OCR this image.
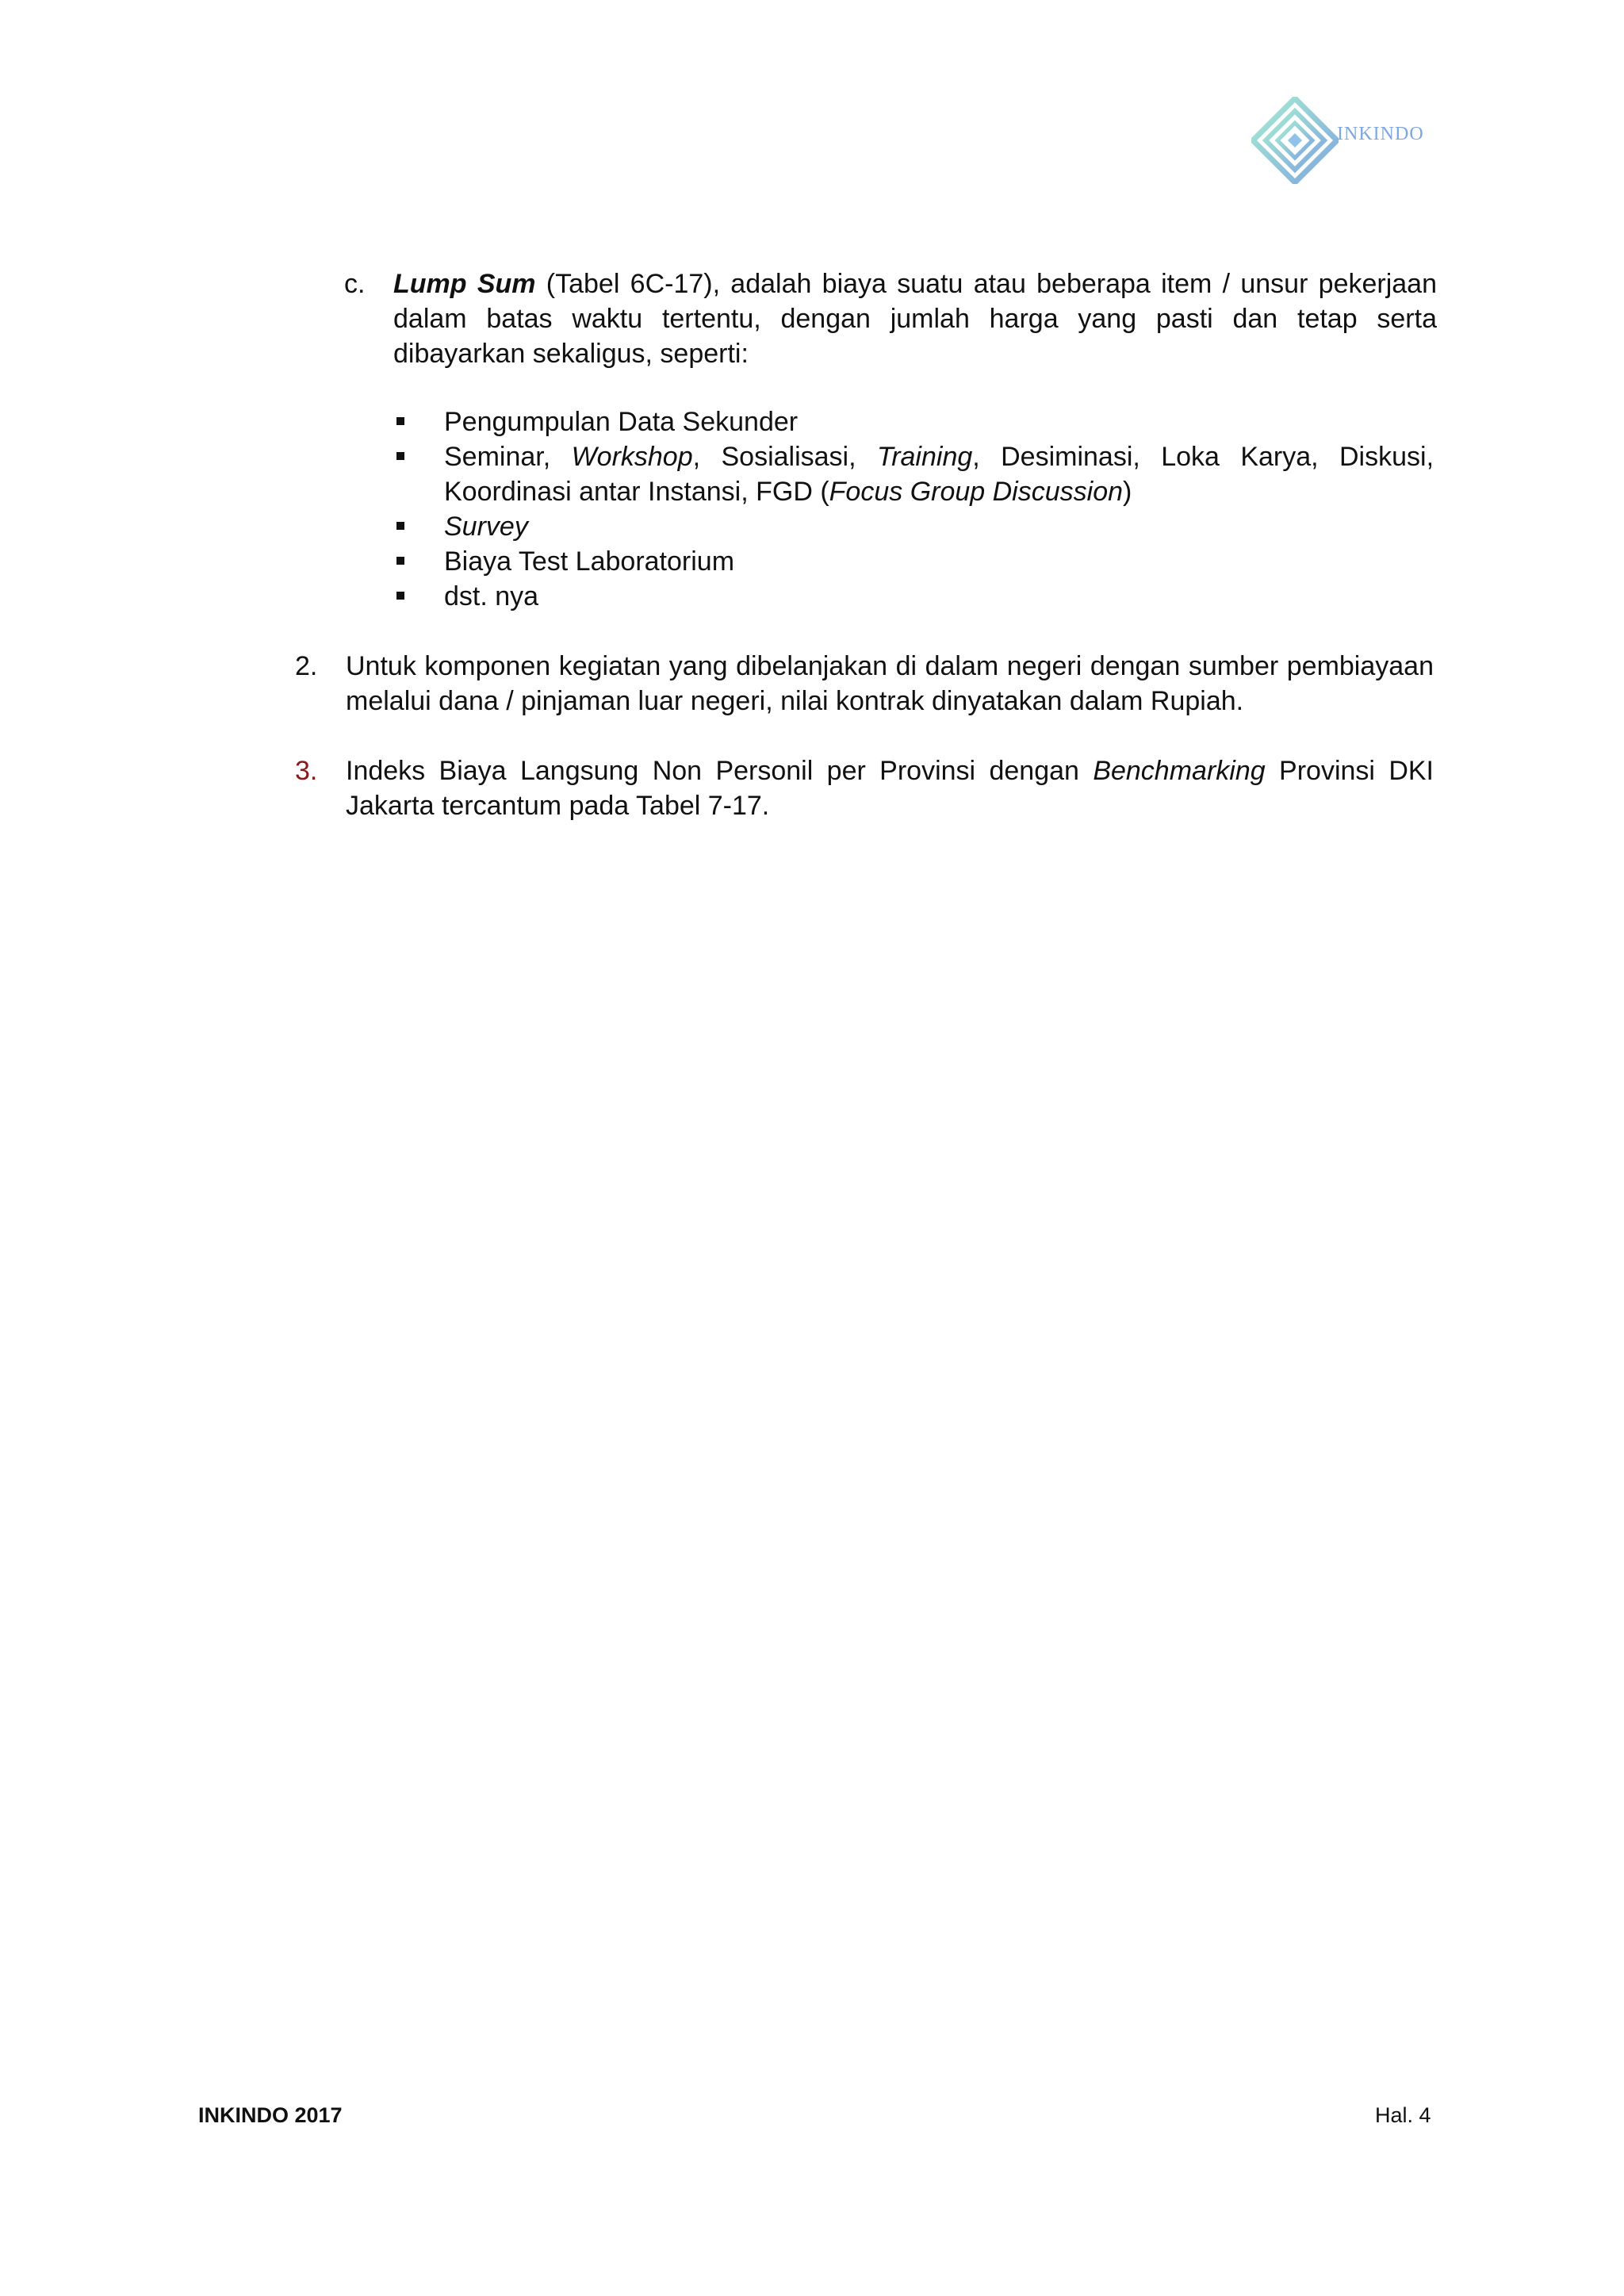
INKINDO
c. Lump Sum (Tabel 6C-17), adalah biaya suatu atau beberapa item / unsur pekerjaan dalam batas waktu tertentu, dengan jumlah harga yang pasti dan tetap serta dibayarkan sekaligus, seperti:

Pengumpulan Data Sekunder
Seminar, Workshop, Sosialisasi, Training, Desiminasi, Loka Karya, Diskusi, Koordinasi antar Instansi, FGD (Focus Group Discussion)
Survey
Biaya Test Laboratorium
dst. nya
2. Untuk komponen kegiatan yang dibelanjakan di dalam negeri dengan sumber pembiayaan melalui dana / pinjaman luar negeri, nilai kontrak dinyatakan dalam Rupiah.
3. Indeks Biaya Langsung Non Personil per Provinsi dengan Benchmarking Provinsi DKI Jakarta tercantum pada Tabel 7-17.
INKINDO 2017	Hal. 4
